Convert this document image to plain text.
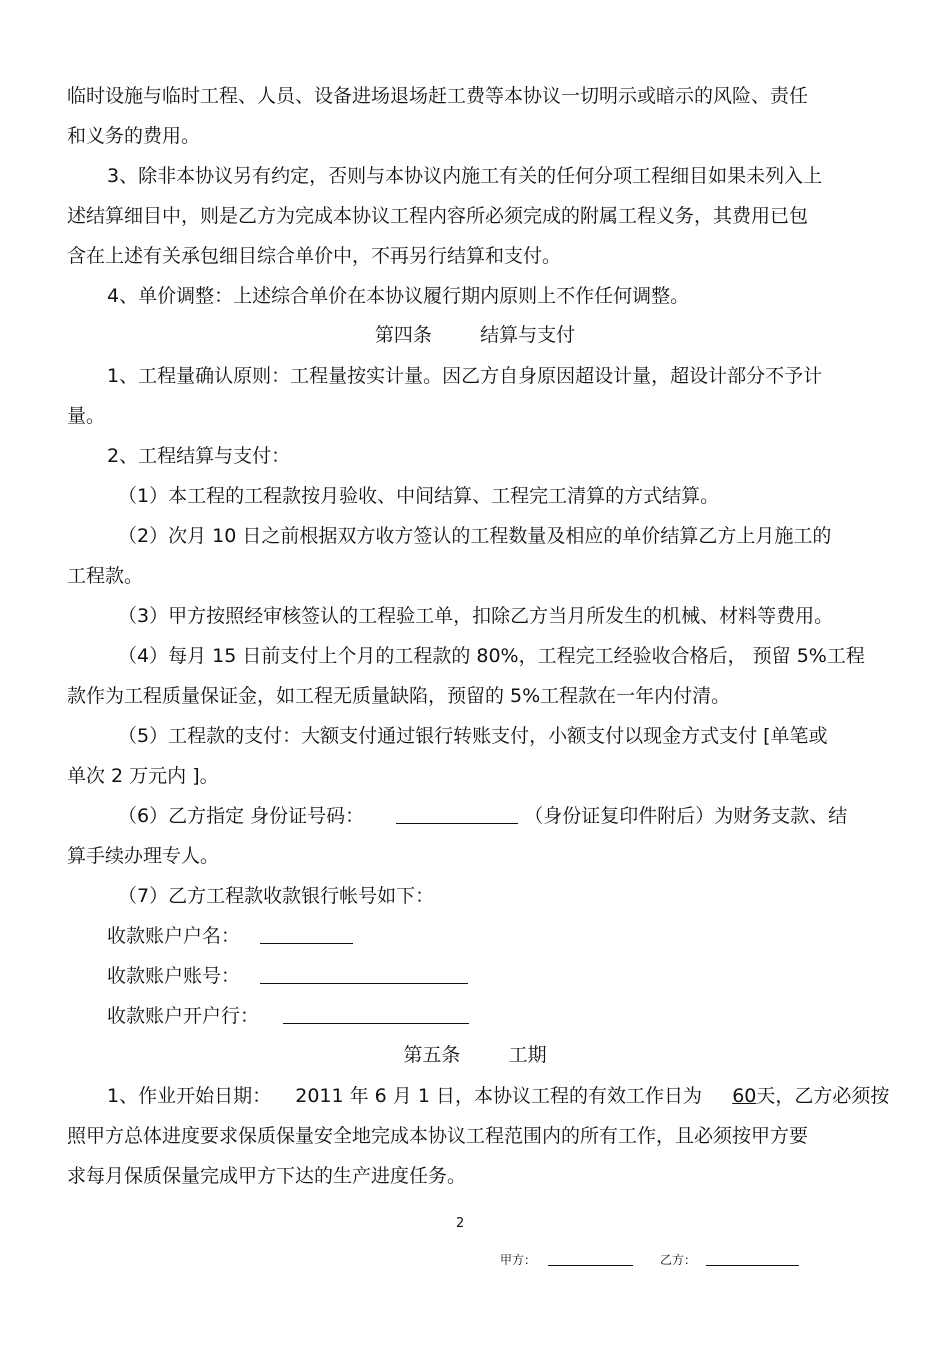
临时设施与临时工程、人员、设备进场退场赶工费等本协议一切明示或暗示的风险、责任
和义务的费用。
3、除非本协议另有约定，否则与本协议内施工有关的任何分项工程细目如果未列入上
述结算细目中，则是乙方为完成本协议工程内容所必须完成的附属工程义务，其费用已包
含在上述有关承包细目综合单价中，不再另行结算和支付。
4、单价调整：上述综合单价在本协议履行期内原则上不作任何调整。
第四条        结算与支付
1、工程量确认原则：工程量按实计量。因乙方自身原因超设计量，超设计部分不予计
量。
2、工程结算与支付：
（1）本工程的工程款按月验收、中间结算、工程完工清算的方式结算。
（2）次月 10 日之前根据双方收方签认的工程数量及相应的单价结算乙方上月施工的
工程款。
（3）甲方按照经审核签认的工程验工单，扣除乙方当月所发生的机械、材料等费用。
（4）每月 15 日前支付上个月的工程款的 80%，工程完工经验收合格后， 预留 5%工程
款作为工程质量保证金，如工程无质量缺陷，预留的 5%工程款在一年内付清。
（5）工程款的支付：大额支付通过银行转账支付，小额支付以现金方式支付 [单笔或
单次 2 万元内 ]。
（6）乙方指定 身份证号码：	（身份证复印件附后）为财务支款、结
算手续办理专人。
（7）乙方工程款收款银行帐号如下：
收款账户户名：
收款账户账号：
收款账户开户行：
第五条        工期
1、作业开始日期：    2011 年 6 月 1 日，本协议工程的有效工作日为     60天，乙方必须按
照甲方总体进度要求保质保量安全地完成本协议工程范围内的所有工作，且必须按甲方要
求每月保质保量完成甲方下达的生产进度任务。
2
甲方：	乙方：
